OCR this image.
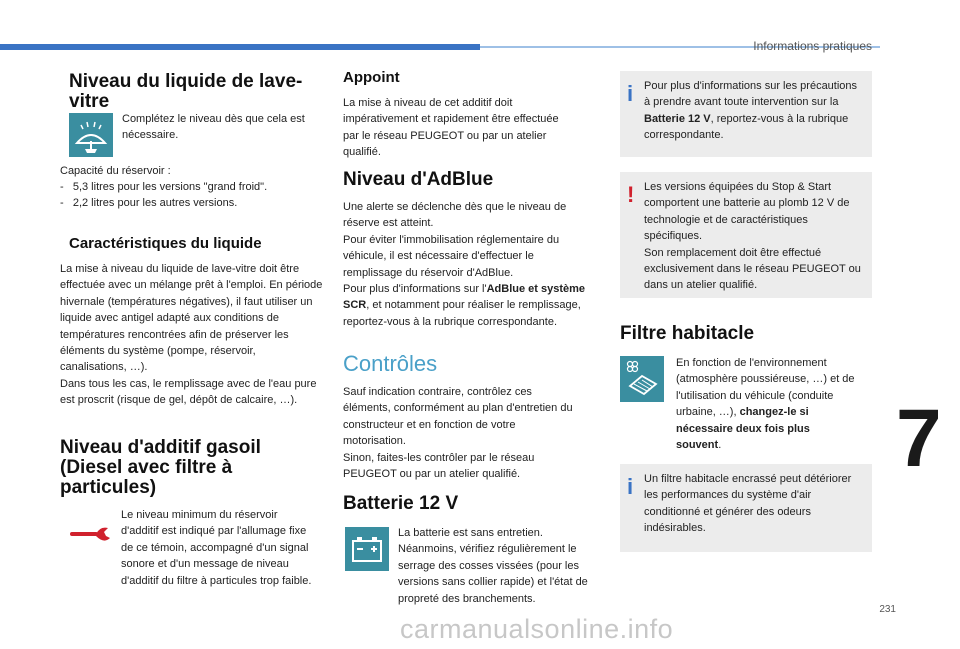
Informations pratiques
Niveau du liquide de lave-vitre
Complétez le niveau dès que cela est nécessaire.
Capacité du réservoir :
-   5,3 litres pour les versions "grand froid".
-   2,2 litres pour les autres versions.
Caractéristiques du liquide
La mise à niveau du liquide de lave-vitre doit être effectuée avec un mélange prêt à l'emploi. En période hivernale (températures négatives), il faut utiliser un liquide avec antigel adapté aux conditions de températures rencontrées afin de préserver les éléments du système (pompe, réservoir, canalisations, …).
Dans tous les cas, le remplissage avec de l'eau pure est proscrit (risque de gel, dépôt de calcaire, …).
Niveau d'additif gasoil (Diesel avec filtre à particules)
Le niveau minimum du réservoir d'additif est indiqué par l'allumage fixe de ce témoin, accompagné d'un signal sonore et d'un message de niveau d'additif du filtre à particules trop faible.
Appoint
La mise à niveau de cet additif doit impérativement et rapidement être effectuée par le réseau PEUGEOT ou par un atelier qualifié.
Niveau d'AdBlue
Une alerte se déclenche dès que le niveau de réserve est atteint.
Pour éviter l'immobilisation réglementaire du véhicule, il est nécessaire d'effectuer le remplissage du réservoir d'AdBlue.
Pour plus d'informations sur l'AdBlue et système SCR, et notamment pour réaliser le remplissage, reportez-vous à la rubrique correspondante.
Contrôles
Sauf indication contraire, contrôlez ces éléments, conformément au plan d'entretien du constructeur et en fonction de votre motorisation.
Sinon, faites-les contrôler par le réseau PEUGEOT ou par un atelier qualifié.
Batterie 12 V
La batterie est sans entretien.
Néanmoins, vérifiez régulièrement le serrage des cosses vissées (pour les versions sans collier rapide) et l'état de propreté des branchements.
i Pour plus d'informations sur les précautions à prendre avant toute intervention sur la Batterie 12 V, reportez-vous à la rubrique correspondante.
! Les versions équipées du Stop & Start comportent une batterie au plomb 12 V de technologie et de caractéristiques spécifiques.
Son remplacement doit être effectué exclusivement dans le réseau PEUGEOT ou dans un atelier qualifié.
Filtre habitacle
En fonction de l'environnement (atmosphère poussiéreuse, …) et de l'utilisation du véhicule (conduite urbaine, …), changez-le si nécessaire deux fois plus souvent.
i Un filtre habitacle encrassé peut détériorer les performances du système d'air conditionné et générer des odeurs indésirables.
7
231
carmanualsonline.info
